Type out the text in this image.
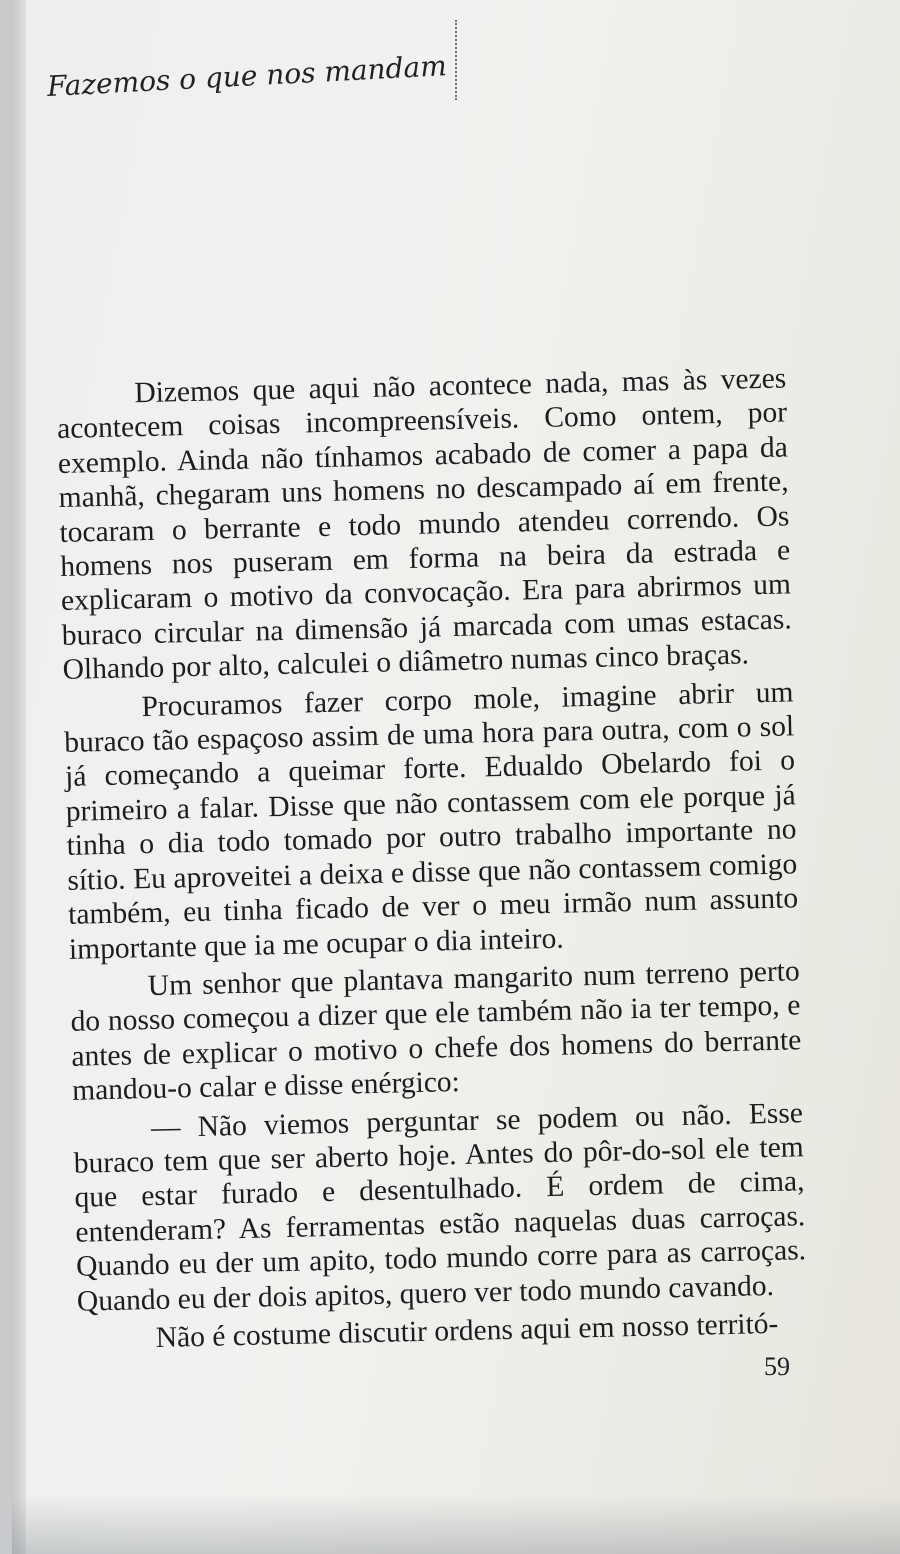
Fazemos o que nos mandam

Dizemos que aqui não acontece nada, mas às vezes acontecem coisas incompreensíveis. Como ontem, por exemplo. Ainda não tínhamos acabado de comer a papa da manhã, chegaram uns homens no descampado aí em frente, tocaram o berrante e todo mundo atendeu correndo. Os homens nos puseram em forma na beira da estrada e explicaram o motivo da convocação. Era para abrirmos um buraco circular na dimensão já marcada com umas estacas. Olhando por alto, calculei o diâmetro numas cinco braças.

Procuramos fazer corpo mole, imagine abrir um buraco tão espaçoso assim de uma hora para outra, com o sol já começando a queimar forte. Edualdo Obelardo foi o primeiro a falar. Disse que não contassem com ele porque já tinha o dia todo tomado por outro trabalho importante no sítio. Eu aproveitei a deixa e disse que não contassem comigo também, eu tinha ficado de ver o meu irmão num assunto importante que ia me ocupar o dia inteiro.

Um senhor que plantava mangarito num terreno perto do nosso começou a dizer que ele também não ia ter tempo, e antes de explicar o motivo o chefe dos homens do berrante mandou-o calar e disse enérgico:

— Não viemos perguntar se podem ou não. Esse buraco tem que ser aberto hoje. Antes do pôr-do-sol ele tem que estar furado e desentulhado. É ordem de cima, entenderam? As ferramentas estão naquelas duas carroças. Quando eu der um apito, todo mundo corre para as carroças. Quando eu der dois apitos, quero ver todo mundo cavando.

Não é costume discutir ordens aqui em nosso territó-

59
